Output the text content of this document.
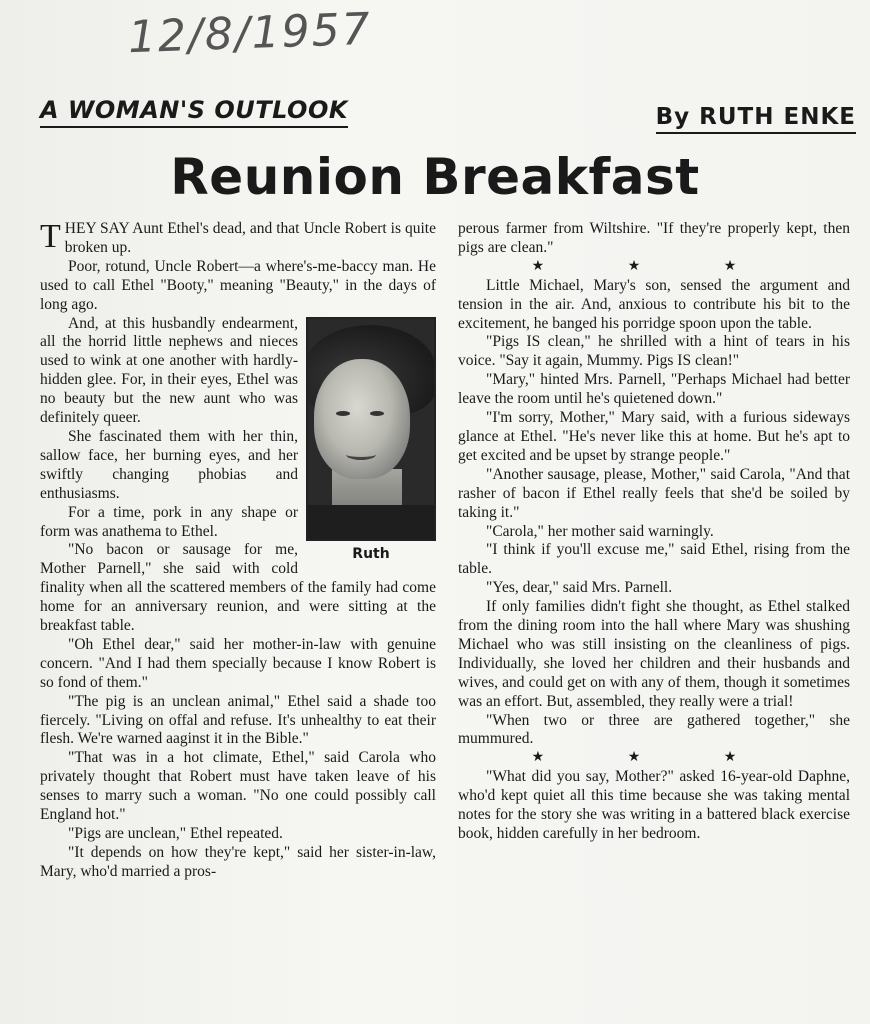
12/8/1957
A WOMAN'S OUTLOOK	By RUTH ENKE
Reunion Breakfast

THEY SAY Aunt Ethel's dead, and that Uncle Robert is quite broken up.

Poor, rotund, Uncle Robert—a where's-me-baccy man. He used to call Ethel "Booty," meaning "Beauty," in the days of long ago.

Ruth

And, at this husbandly endearment, all the horrid little nephews and nieces used to wink at one another with hardly-hidden glee. For, in their eyes, Ethel was no beauty but the new aunt who was definitely queer.

She fascinated them with her thin, sallow face, her burning eyes, and her swiftly changing phobias and enthusiasms.

For a time, pork in any shape or form was anathema to Ethel.

"No bacon or sausage for me, Mother Parnell," she said with cold finality when all the scattered members of the family had come home for an anniversary reunion, and were sitting at the breakfast table.

"Oh Ethel dear," said her mother-in-law with genuine concern. "And I had them specially because I know Robert is so fond of them."

"The pig is an unclean animal," Ethel said a shade too fiercely. "Living on offal and refuse. It's unhealthy to eat their flesh. We're warned aaginst it in the Bible."

"That was in a hot climate, Ethel," said Carola who privately thought that Robert must have taken leave of his senses to marry such a woman. "No one could possibly call England hot."

"Pigs are unclean," Ethel repeated.

"It depends on how they're kept," said her sister-in-law, Mary, who'd married a pros-

perous farmer from Wiltshire. "If they're properly kept, then pigs are clean."

★ ★ ★

Little Michael, Mary's son, sensed the argument and tension in the air. And, anxious to contribute his bit to the excitement, he banged his porridge spoon upon the table.

"Pigs IS clean," he shrilled with a hint of tears in his voice. "Say it again, Mummy. Pigs IS clean!"

"Mary," hinted Mrs. Parnell, "Perhaps Michael had better leave the room until he's quietened down."

"I'm sorry, Mother," Mary said, with a furious sideways glance at Ethel. "He's never like this at home. But he's apt to get excited and be upset by strange people."

"Another sausage, please, Mother," said Carola, "And that rasher of bacon if Ethel really feels that she'd be soiled by taking it."

"Carola," her mother said warningly.

"I think if you'll excuse me," said Ethel, rising from the table.

"Yes, dear," said Mrs. Parnell.

If only families didn't fight she thought, as Ethel stalked from the dining room into the hall where Mary was shushing Michael who was still insisting on the cleanliness of pigs. Individually, she loved her children and their husbands and wives, and could get on with any of them, though it sometimes was an effort. But, assembled, they really were a trial!

"When two or three are gathered together," she mummured.

★ ★ ★

"What did you say, Mother?" asked 16-year-old Daphne, who'd kept quiet all this time because she was taking mental notes for the story she was writing in a battered black exercise book, hidden carefully in her bedroom.
